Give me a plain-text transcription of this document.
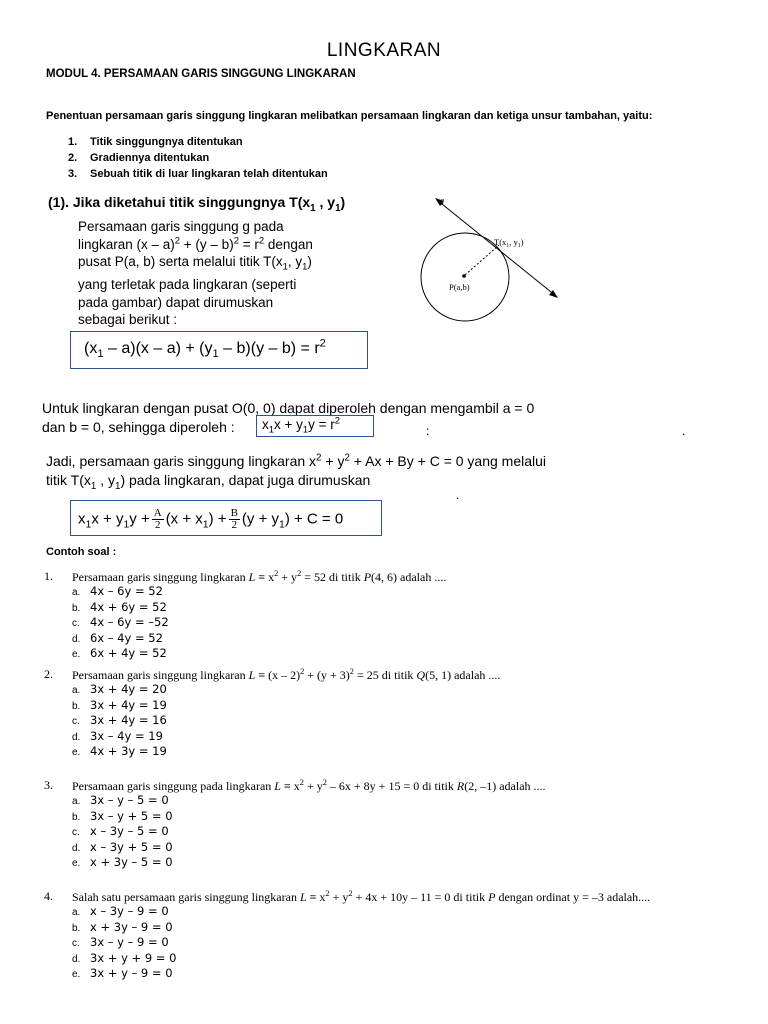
LINGKARAN
MODUL 4. PERSAMAAN GARIS SINGGUNG LINGKARAN
Penentuan persamaan garis singgung lingkaran melibatkan persamaan lingkaran dan ketiga unsur tambahan, yaitu:
1. Titik singgungnya ditentukan
2. Gradiennya ditentukan
3. Sebuah titik di luar lingkaran telah ditentukan
(1). Jika diketahui titik singgungnya $T(x_1$ , $y_1$)
Persamaan garis singgung g pada
lingkaran $(x - a)^2 + (y - b)^2 = r^2$ dengan
pusat P(a, b) serta melalui titik $T(x_1$, $y_1$)
yang terletak pada lingkaran (seperti
pada gambar) dapat dirumuskan
sebagai berikut :
g
$T(x_1$, $y_1$)
P(a,b)
$(x_1 - a)(x - a) + (y_1 - b)(y - b) = r^2$
Untuk lingkaran dengan pusat O(0, 0) dapat diperoleh dengan mengambil a = 0
dan b = 0, sehingga diperoleh :	$x_1x + y_1y = r^2$
:	.
Jadi, persamaan garis singgung lingkaran $x^2 + y^2 + Ax + By + C = 0$ yang melalui
titik $T(x_1$ , $y_1$) pada lingkaran, dapat juga dirumuskan
.
$x_1x + y_1y + \frac{A}{2} (x + x_1) + \frac{B}{2} (y + y_1) + C = 0$
Contoh soal :
1. Persamaan garis singgung lingkaran $L \equiv x^2 + y^2 = 52$ di titik P(4, 6) adalah ....
a. 4x – 6y = 52
b. 4x + 6y = 52
c. 4x – 6y = –52
d. 6x – 4y = 52
e. 6x + 4y = 52
2. Persamaan garis singgung lingkaran $L \equiv (x - 2)^2 + (y + 3)^2 = 25$ di titik Q(5, 1) adalah ....
a. 3x + 4y = 20
b. 3x + 4y = 19
c. 3x + 4y = 16
d. 3x – 4y = 19
e. 4x + 3y = 19
3. Persamaan garis singgung pada lingkaran $L \equiv x^2 + y^2 - 6x + 8y + 15 = 0$ di titik R(2, –1) adalah ....
a. 3x – y – 5 = 0
b. 3x – y + 5 = 0
c. x – 3y – 5 = 0
d. x – 3y + 5 = 0
e. x + 3y – 5 = 0
4. Salah satu persamaan garis singgung lingkaran $L \equiv x^2 + y^2 + 4x + 10y - 11 = 0$ di titik P dengan ordinat y = –3 adalah....
a. x – 3y – 9 = 0
b. x + 3y – 9 = 0
c. 3x – y – 9 = 0
d. 3x + y + 9 = 0
e. 3x + y – 9 = 0
